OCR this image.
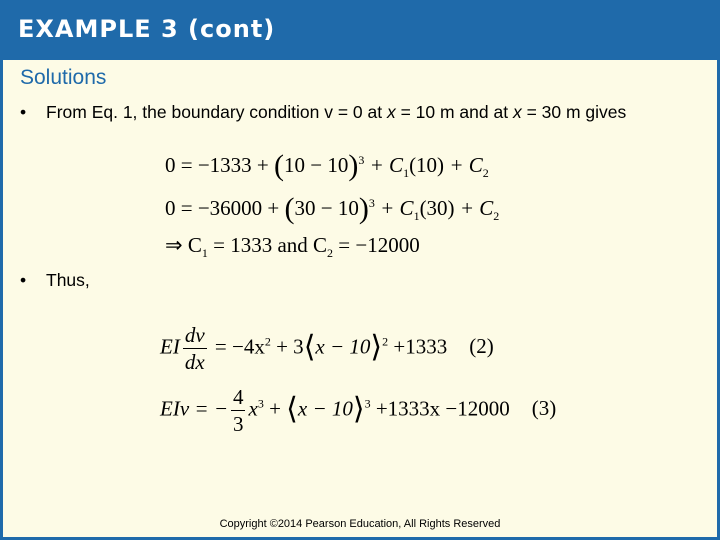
EXAMPLE 3 (cont)
Solutions
• From Eq. 1, the boundary condition v = 0 at x = 10 m and at x = 30 m gives
$0 = -1333 + (10 - 10)^3 + C_1(10) + C_2$
$0 = -36000 + (30 - 10)^3 + C_1(30) + C_2$
⇒ $C_1 = 1333$ and $C_2 = -12000$
• Thus,
EI $\frac{dv}{dx} = -4x^2$ + 3⟨x − 10⟩$^2$ +1333 (2)
EIv = − $\frac{4}{3} x^3$ + ⟨x − 10⟩$^3$ +1333x −12000 (3)
Copyright ©2014 Pearson Education, All Rights Reserved
